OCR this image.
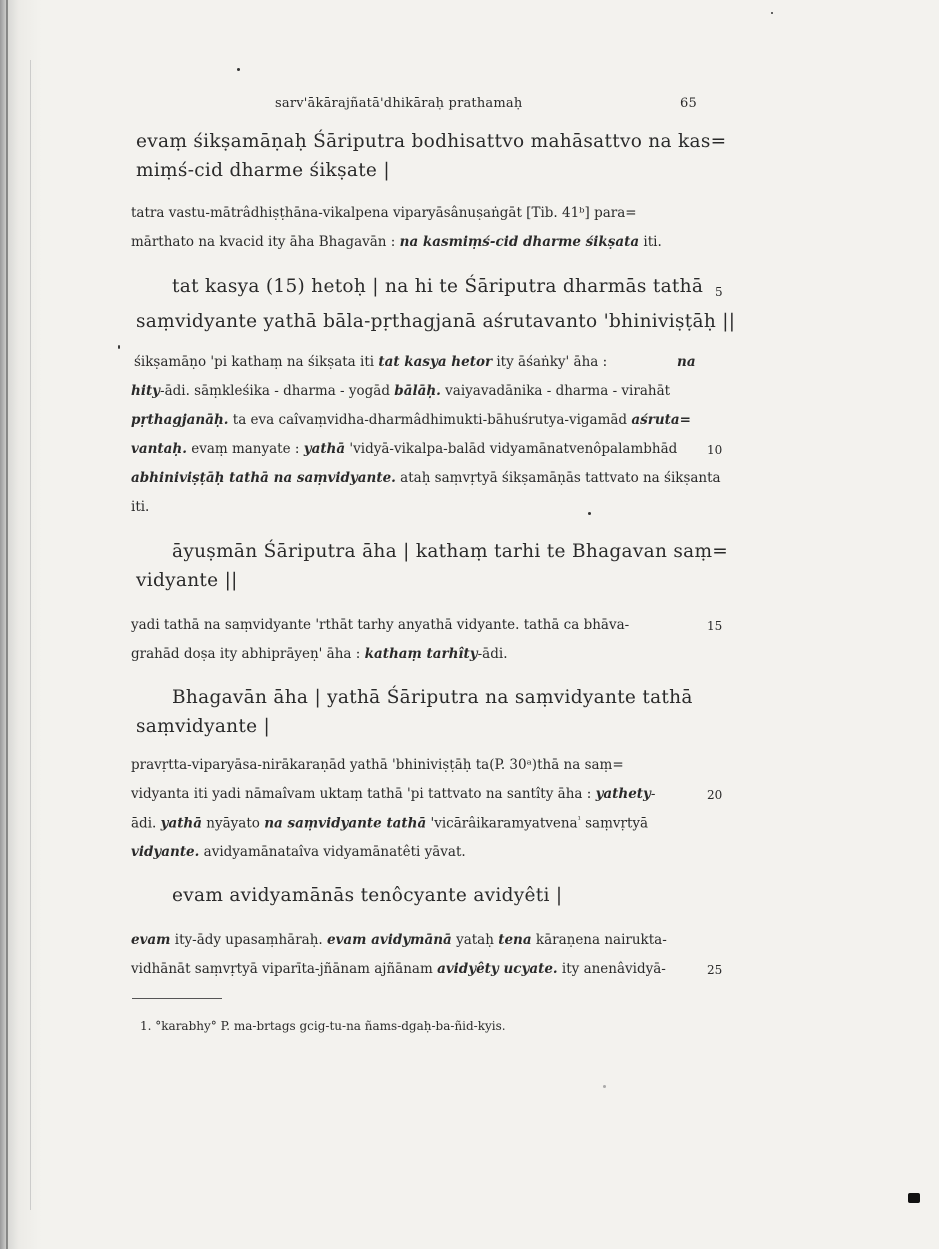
sarv'ākārajñatā'dhikāraḥ prathamaḥ	65
evaṃ śikṣamāṇaḥ Śāriputra bodhisattvo mahāsattvo na kas=
miṃś-cid dharme śikṣate |
tatra vastu-mātrâdhiṣṭhāna-vikalpena viparyāsânuṣaṅgāt [Tib. 41ᵇ] para=
mārthato na kvacid ity āha Bhagavān : na kasmiṃś-cid dharme śikṣata iti.
tat kasya (15) hetoḥ | na hi te Śāriputra dharmās tathā
saṃvidyante yathā bāla-pṛthagjanā aśrutavanto 'bhiniviṣṭāḥ ||
śikṣamāṇo 'pi kathaṃ na śikṣata iti tat kasya hetor ity āśaṅky' āha :	na
hity-ādi. sāṃkleśika - dharma - yogād bālāḥ. vaiyavadānika - dharma - virahāt
pṛthagjanāḥ. ta eva caîvaṃvidha-dharmâdhimukti-bāhuśrutya-vigamād aśruta=
vantaḥ. evaṃ manyate : yathā 'vidyā-vikalpa-balād vidyamānatvenôpalambhād
abhiniviṣṭāḥ tathā na saṃvidyante. ataḥ saṃvṛtyā śikṣamāṇās tattvato na śikṣanta
iti.
āyuṣmān Śāriputra āha | kathaṃ tarhi te Bhagavan saṃ=
vidyante ||
yadi tathā na saṃvidyante 'rthāt tarhy anyathā vidyante. tathā ca bhāva-
grahād doṣa ity abhiprāyeṇ' āha : kathaṃ tarhîty-ādi.
Bhagavān āha | yathā Śāriputra na saṃvidyante tathā
saṃvidyante |
pravṛtta-viparyāsa-nirākaraṇād yathā 'bhiniviṣṭāḥ ta(P. 30ᵃ)thā na saṃ=
vidyanta iti yadi nāmaîvam uktaṃ tathā 'pi tattvato na santîty āha : yathety-
ādi. yathā nyāyato na saṃvidyante tathā 'vicārâikaramyatvena$^{^1}$ saṃvṛtyā
vidyante. avidyamānataîva vidyamānatêti yāvat.
evam avidyamānās tenôcyante avidyêti |
evam ity-ādy upasaṃhāraḥ. evam avidymānā yataḥ tena kāraṇena nairukta-
vidhānāt saṃvṛtyā viparīta-jñānam ajñānam avidyêty ucyate. ity anenâvidyā-
5
10
15
20
25
1. °karabhy° P. ma-brtags gcig-tu-na ñams-dgaḥ-ba-ñid-kyis.
